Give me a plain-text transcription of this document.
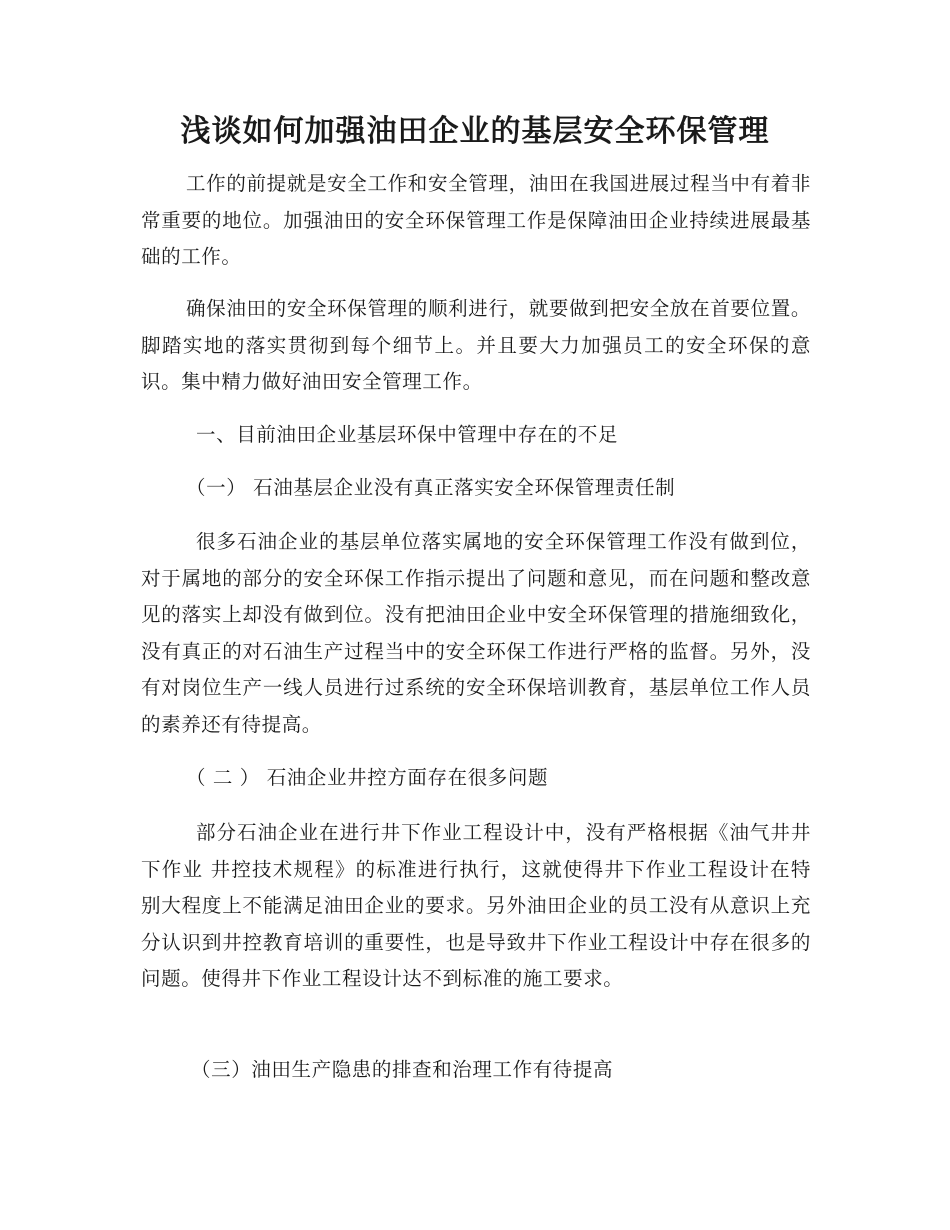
浅谈如何加强油田企业的基层安全环保管理

工作的前提就是安全工作和安全管理，油田在我国进展过程当中有着非常重要的地位。加强油田的安全环保管理工作是保障油田企业持续进展最基础的工作。

确保油田的安全环保管理的顺利进行，就要做到把安全放在首要位置。脚踏实地的落实贯彻到每个细节上。并且要大力加强员工的安全环保的意识。集中精力做好油田安全管理工作。

一、目前油田企业基层环保中管理中存在的不足

（一） 石油基层企业没有真正落实安全环保管理责任制

很多石油企业的基层单位落实属地的安全环保管理工作没有做到位，对于属地的部分的安全环保工作指示提出了问题和意见，而在问题和整改意见的落实上却没有做到位。没有把油田企业中安全环保管理的措施细致化，没有真正的对石油生产过程当中的安全环保工作进行严格的监督。另外，没有对岗位生产一线人员进行过系统的安全环保培训教育，基层单位工作人员的素养还有待提高。

（ 二 ） 石油企业井控方面存在很多问题

部分石油企业在进行井下作业工程设计中，没有严格根据《油气井井下作业 井控技术规程》的标准进行执行，这就使得井下作业工程设计在特别大程度上不能满足油田企业的要求。另外油田企业的员工没有从意识上充分认识到井控教育培训的重要性，也是导致井下作业工程设计中存在很多的问题。使得井下作业工程设计达不到标准的施工要求。

（三）油田生产隐患的排查和治理工作有待提高
